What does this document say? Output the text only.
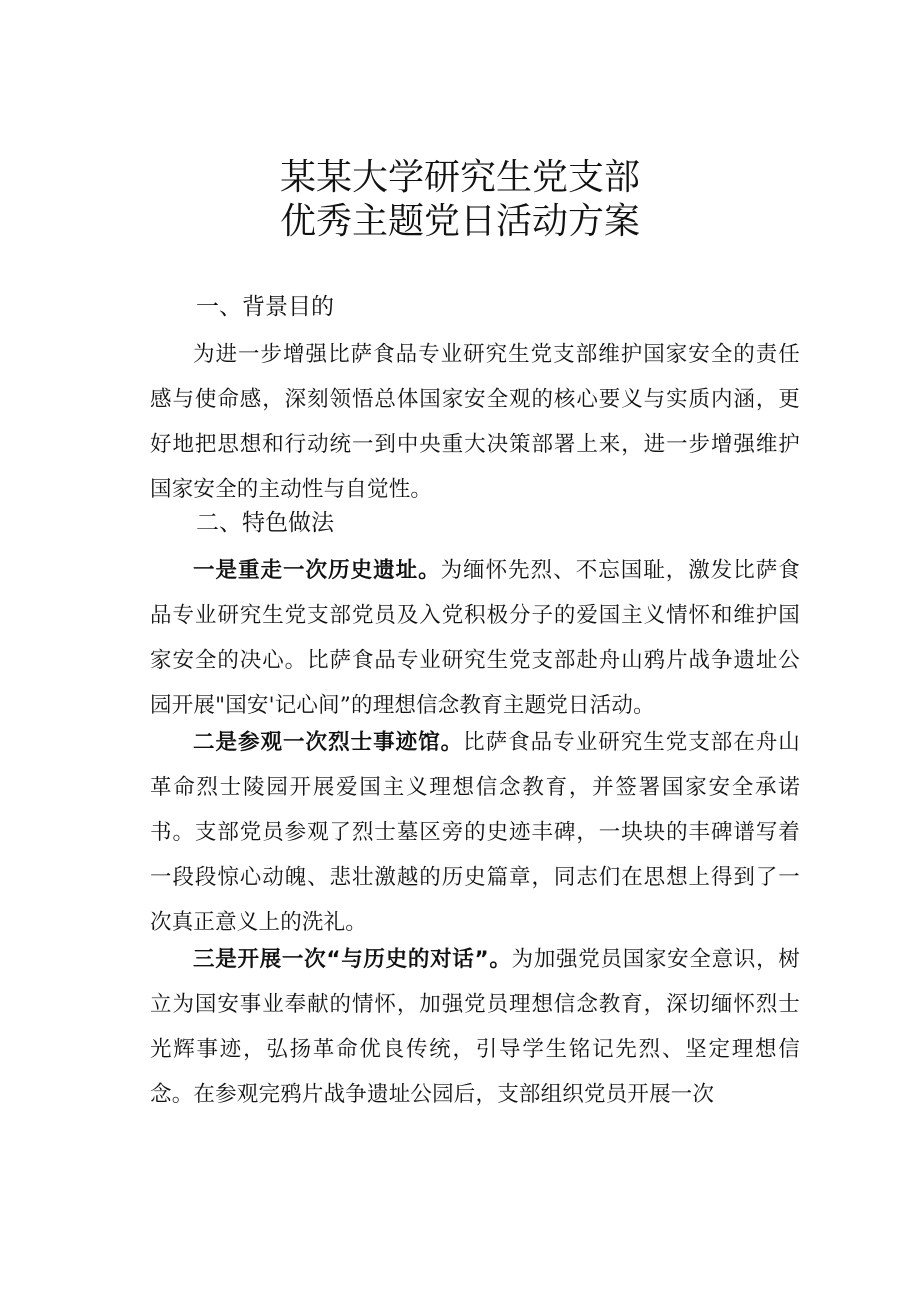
某某大学研究生党支部
优秀主题党日活动方案
一、背景目的

为进一步增强比萨食品专业研究生党支部维护国家安全的责任感与使命感，深刻领悟总体国家安全观的核心要义与实质内涵，更好地把思想和行动统一到中央重大决策部署上来，进一步增强维护国家安全的主动性与自觉性。

二、特色做法

一是重走一次历史遗址。为缅怀先烈、不忘国耻，激发比萨食品专业研究生党支部党员及入党积极分子的爱国主义情怀和维护国家安全的决心。比萨食品专业研究生党支部赴舟山鸦片战争遗址公园开展"国安'记心间”的理想信念教育主题党日活动。

二是参观一次烈士事迹馆。比萨食品专业研究生党支部在舟山革命烈士陵园开展爱国主义理想信念教育，并签署国家安全承诺书。支部党员参观了烈士墓区旁的史迹丰碑，一块块的丰碑谱写着一段段惊心动魄、悲壮激越的历史篇章，同志们在思想上得到了一次真正意义上的洗礼。

三是开展一次“与历史的对话”。为加强党员国家安全意识，树立为国安事业奉献的情怀，加强党员理想信念教育，深切缅怀烈士光辉事迹，弘扬革命优良传统，引导学生铭记先烈、坚定理想信念。在参观完鸦片战争遗址公园后，支部组织党员开展一次
